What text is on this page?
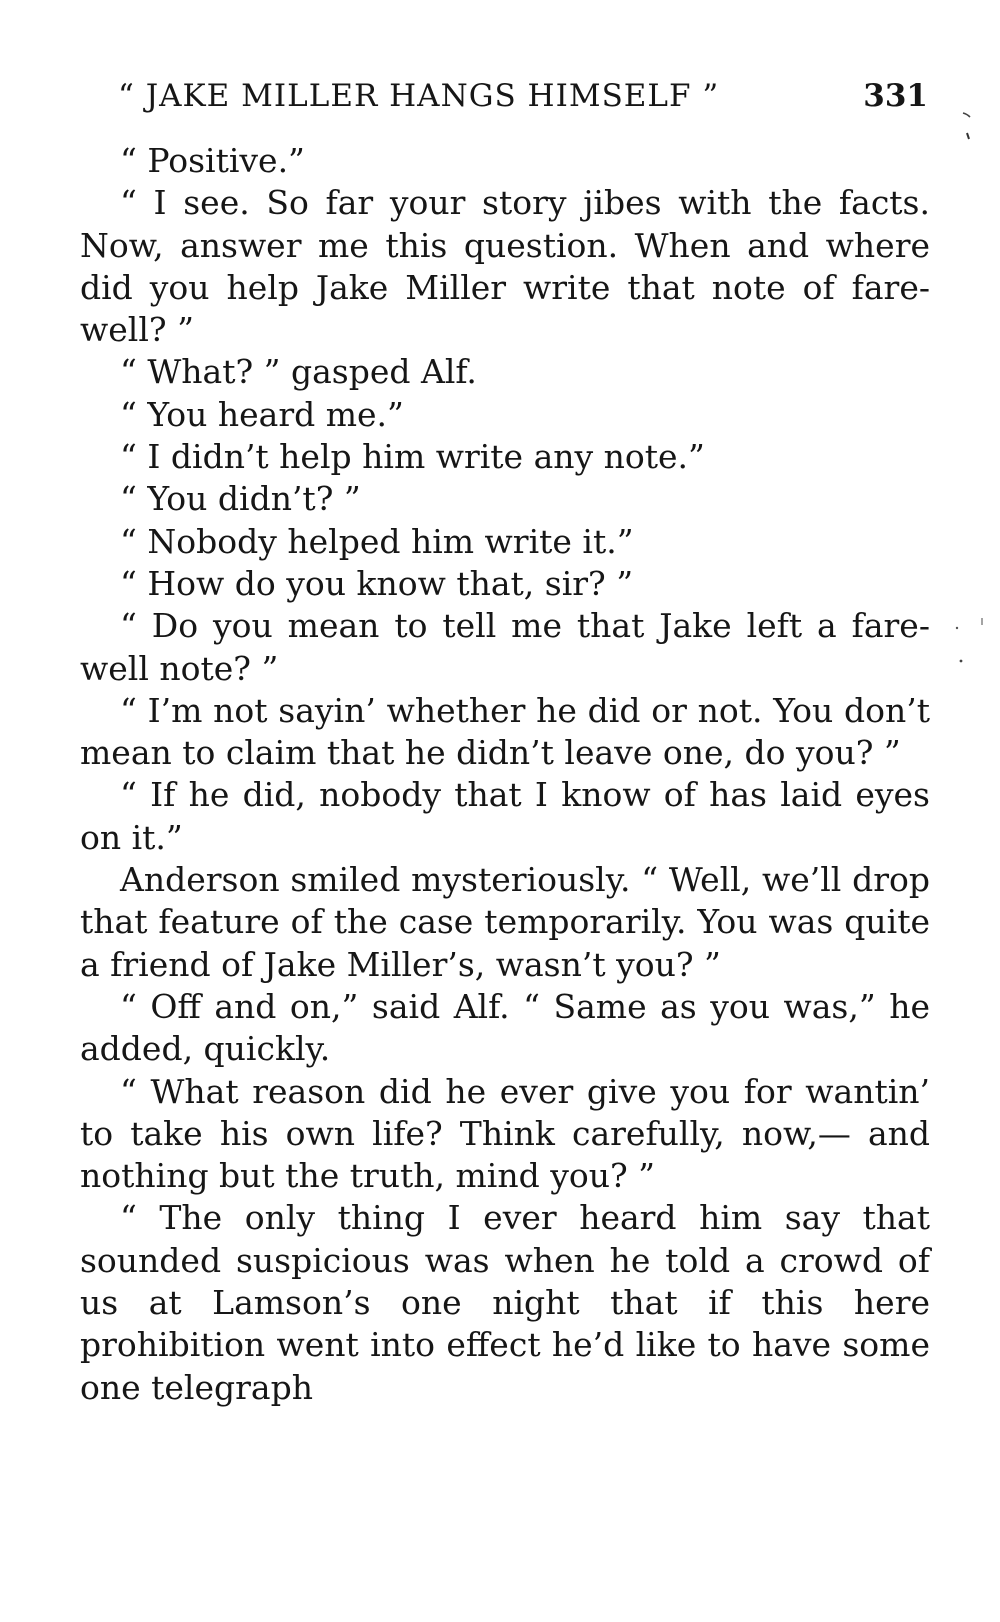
“ JAKE MILLER HANGS HIMSELF ”	331

“ Positive.”

“ I see. So far your story jibes with the facts. Now, answer me this question. When and where did you help Jake Miller write that note of farewell? ”

“ What? ” gasped Alf.

“ You heard me.”

“ I didn’t help him write any note.”

“ You didn’t? ”

“ Nobody helped him write it.”

“ How do you know that, sir? ”

“ Do you mean to tell me that Jake left a farewell note? ”

“ I’m not sayin’ whether he did or not. You don’t mean to claim that he didn’t leave one, do you? ”

“ If he did, nobody that I know of has laid eyes on it.”

Anderson smiled mysteriously. “ Well, we’ll drop that feature of the case temporarily. You was quite a friend of Jake Miller’s, wasn’t you? ”

“ Off and on,” said Alf. “ Same as you was,” he added, quickly.

“ What reason did he ever give you for wantin’ to take his own life? Think carefully, now,— and nothing but the truth, mind you? ”

“ The only thing I ever heard him say that sounded suspicious was when he told a crowd of us at Lamson’s one night that if this here prohibition went into effect he’d like to have some one telegraph
